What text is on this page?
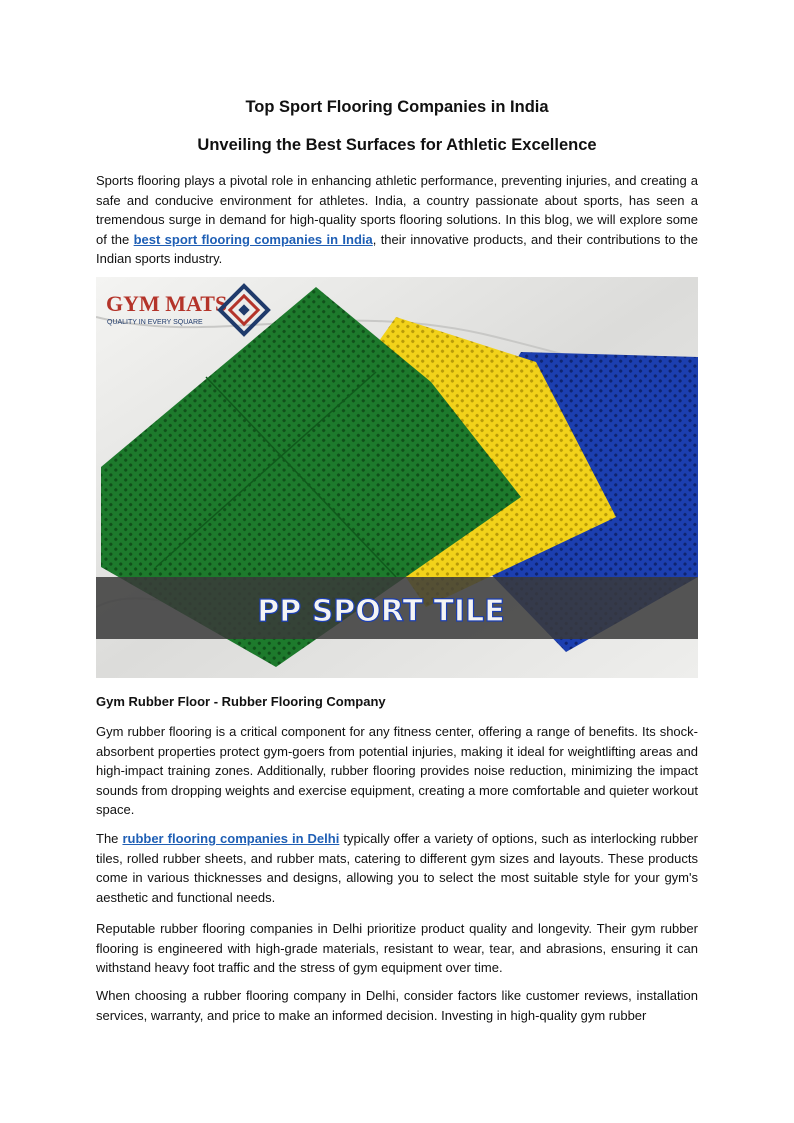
Top Sport Flooring Companies in India
Unveiling the Best Surfaces for Athletic Excellence

Sports flooring plays a pivotal role in enhancing athletic performance, preventing injuries, and creating a safe and conducive environment for athletes. India, a country passionate about sports, has seen a tremendous surge in demand for high-quality sports flooring solutions. In this blog, we will explore some of the best sport flooring companies in India, their innovative products, and their contributions to the Indian sports industry.

GYM MATS
QUALITY IN EVERY SQUARE
PP SPORT TILE

Gym Rubber Floor - Rubber Flooring Company

Gym rubber flooring is a critical component for any fitness center, offering a range of benefits. Its shock-absorbent properties protect gym-goers from potential injuries, making it ideal for weightlifting areas and high-impact training zones. Additionally, rubber flooring provides noise reduction, minimizing the impact sounds from dropping weights and exercise equipment, creating a more comfortable and quieter workout space.

The rubber flooring companies in Delhi typically offer a variety of options, such as interlocking rubber tiles, rolled rubber sheets, and rubber mats, catering to different gym sizes and layouts. These products come in various thicknesses and designs, allowing you to select the most suitable style for your gym's aesthetic and functional needs.

Reputable rubber flooring companies in Delhi prioritize product quality and longevity. Their gym rubber flooring is engineered with high-grade materials, resistant to wear, tear, and abrasions, ensuring it can withstand heavy foot traffic and the stress of gym equipment over time.

When choosing a rubber flooring company in Delhi, consider factors like customer reviews, installation services, warranty, and price to make an informed decision. Investing in high-quality gym rubber
